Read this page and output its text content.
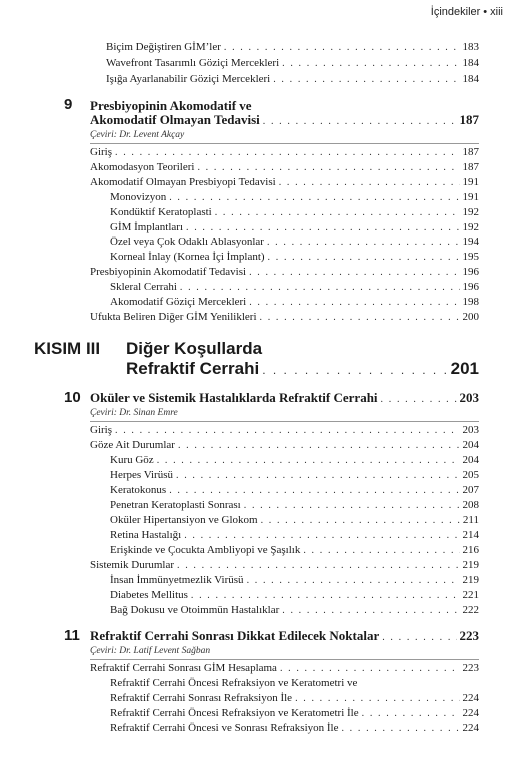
İçindekiler • xiii
Biçim Değiştiren GİM’ler . . .	183
Wavefront Tasarımlı Göziçi Mercekleri . . .	184
Işığa Ayarlanabilir Göziçi Mercekleri . . .	184
9 Presbiyopinin Akomodatif ve
Akomodatif Olmayan Tedavisi . . .	187
Çeviri: Dr. Levent Akçay
Giriş . . .	187
Akomodasyon Teorileri . . .	187
Akomodatif Olmayan Presbiyopi Tedavisi . . .	191
Monovizyon . . .	191
Kondüktif Keratoplasti . . .	192
GİM İmplantları . . .	192
Özel veya Çok Odaklı Ablasyonlar . . .	194
Korneal İnlay (Kornea İçi İmplant) . . .	195
Presbiyopinin Akomodatif Tedavisi . . .	196
Skleral Cerrahi . . .	196
Akomodatif Göziçi Mercekleri . . .	198
Ufukta Beliren Diğer GİM Yenilikleri . . .	200
KISIM III Diğer Koşullarda
Refraktif Cerrahi . . .	201
10 Oküler ve Sistemik Hastalıklarda Refraktif Cerrahi . . .	203
Çeviri: Dr. Sinan Emre
Giriş . . .	203
Göze Ait Durumlar . . .	204
Kuru Göz . . .	204
Herpes Virüsü . . .	205
Keratokonus . . .	207
Penetran Keratoplasti Sonrası . . .	208
Oküler Hipertansiyon ve Glokom . . .	211
Retina Hastalığı . . .	214
Erişkinde ve Çocukta Ambliyopi ve Şaşılık . . .	216
Sistemik Durumlar . . .	219
İnsan İmmünyetmezlik Virüsü . . .	219
Diabetes Mellitus . . .	221
Bağ Dokusu ve Otoimmün Hastalıklar . . .	222
11 Refraktif Cerrahi Sonrası Dikkat Edilecek Noktalar . . .	223
Çeviri: Dr. Latif Levent Sağban
Refraktif Cerrahi Sonrası GİM Hesaplama . . .	223
Refraktif Cerrahi Öncesi Refraksiyon ve Keratometri ve
Refraktif Cerrahi Sonrası Refraksiyon İle . . .	224
Refraktif Cerrahi Öncesi Refraksiyon ve Keratometri İle . . .	224
Refraktif Cerrahi Öncesi ve Sonrası Refraksiyon İle . . .	224
